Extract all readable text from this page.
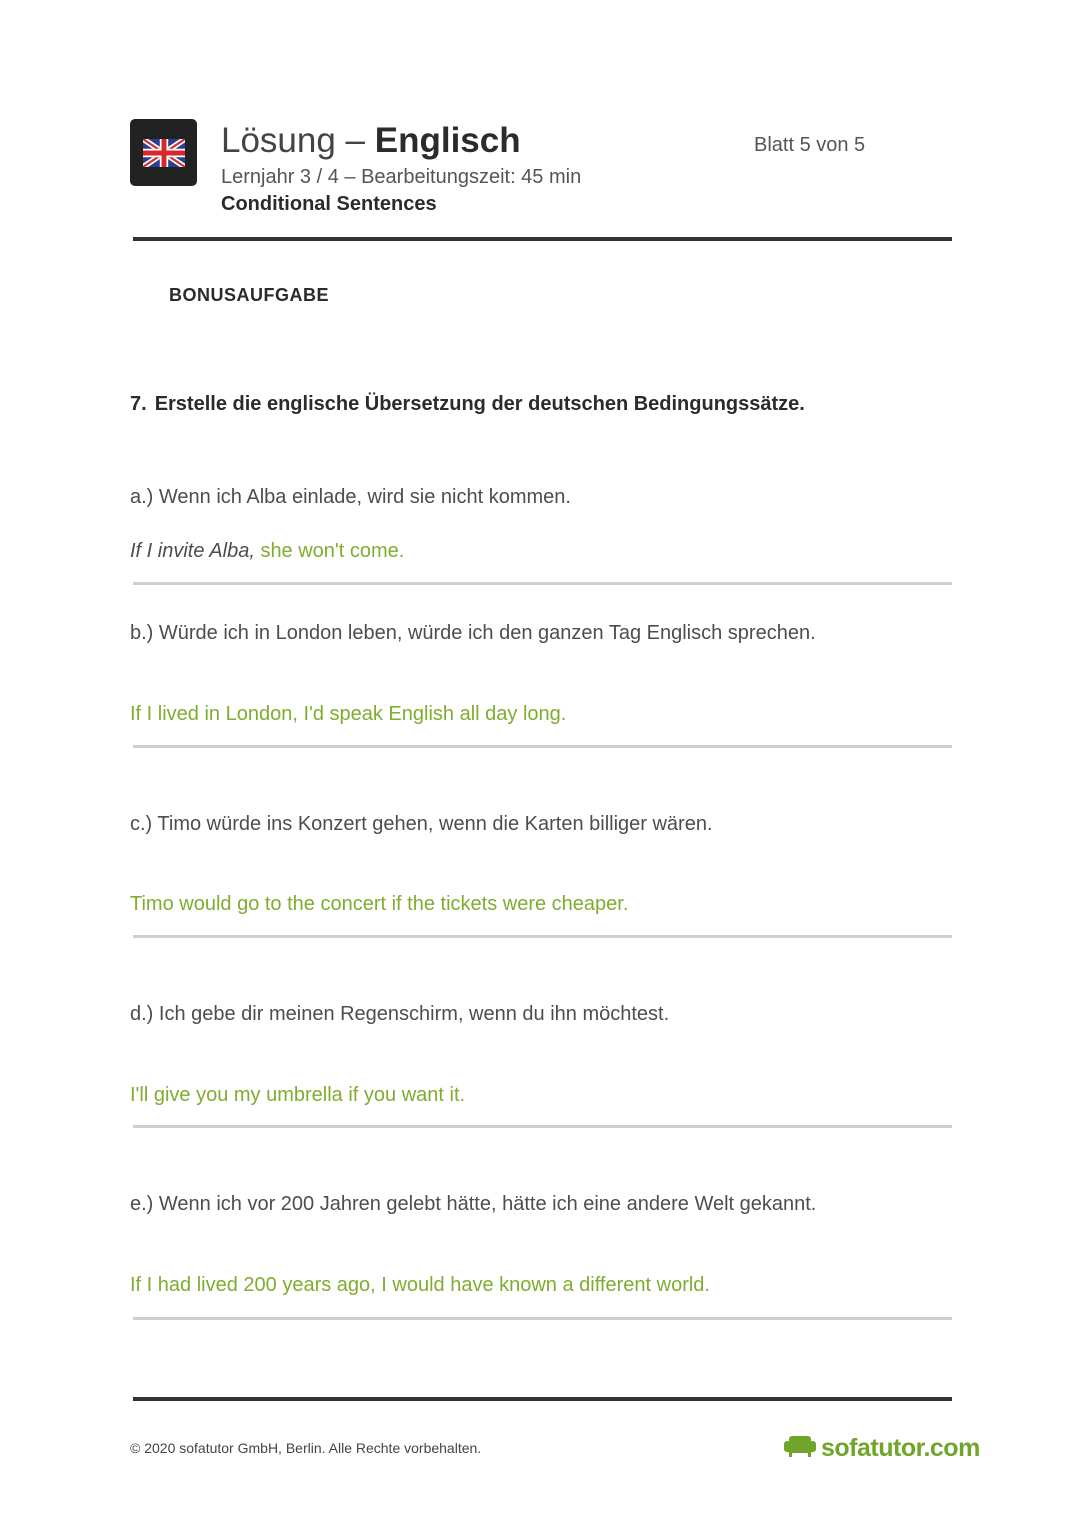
Lösung – Englisch
Lernjahr 3 / 4 – Bearbeitungszeit: 45 min
Conditional Sentences
Blatt 5 von 5
BONUSAUFGABE
7. Erstelle die englische Übersetzung der deutschen Bedingungssätze.
a.) Wenn ich Alba einlade, wird sie nicht kommen.
If I invite Alba, she won't come.
b.) Würde ich in London leben, würde ich den ganzen Tag Englisch sprechen.
If I lived in London, I'd speak English all day long.
c.) Timo würde ins Konzert gehen, wenn die Karten billiger wären.
Timo would go to the concert if the tickets were cheaper.
d.) Ich gebe dir meinen Regenschirm, wenn du ihn möchtest.
I'll give you my umbrella if you want it.
e.) Wenn ich vor 200 Jahren gelebt hätte, hätte ich eine andere Welt gekannt.
If I had lived 200 years ago, I would have known a different world.
© 2020 sofatutor GmbH, Berlin. Alle Rechte vorbehalten.	sofatutor.com
